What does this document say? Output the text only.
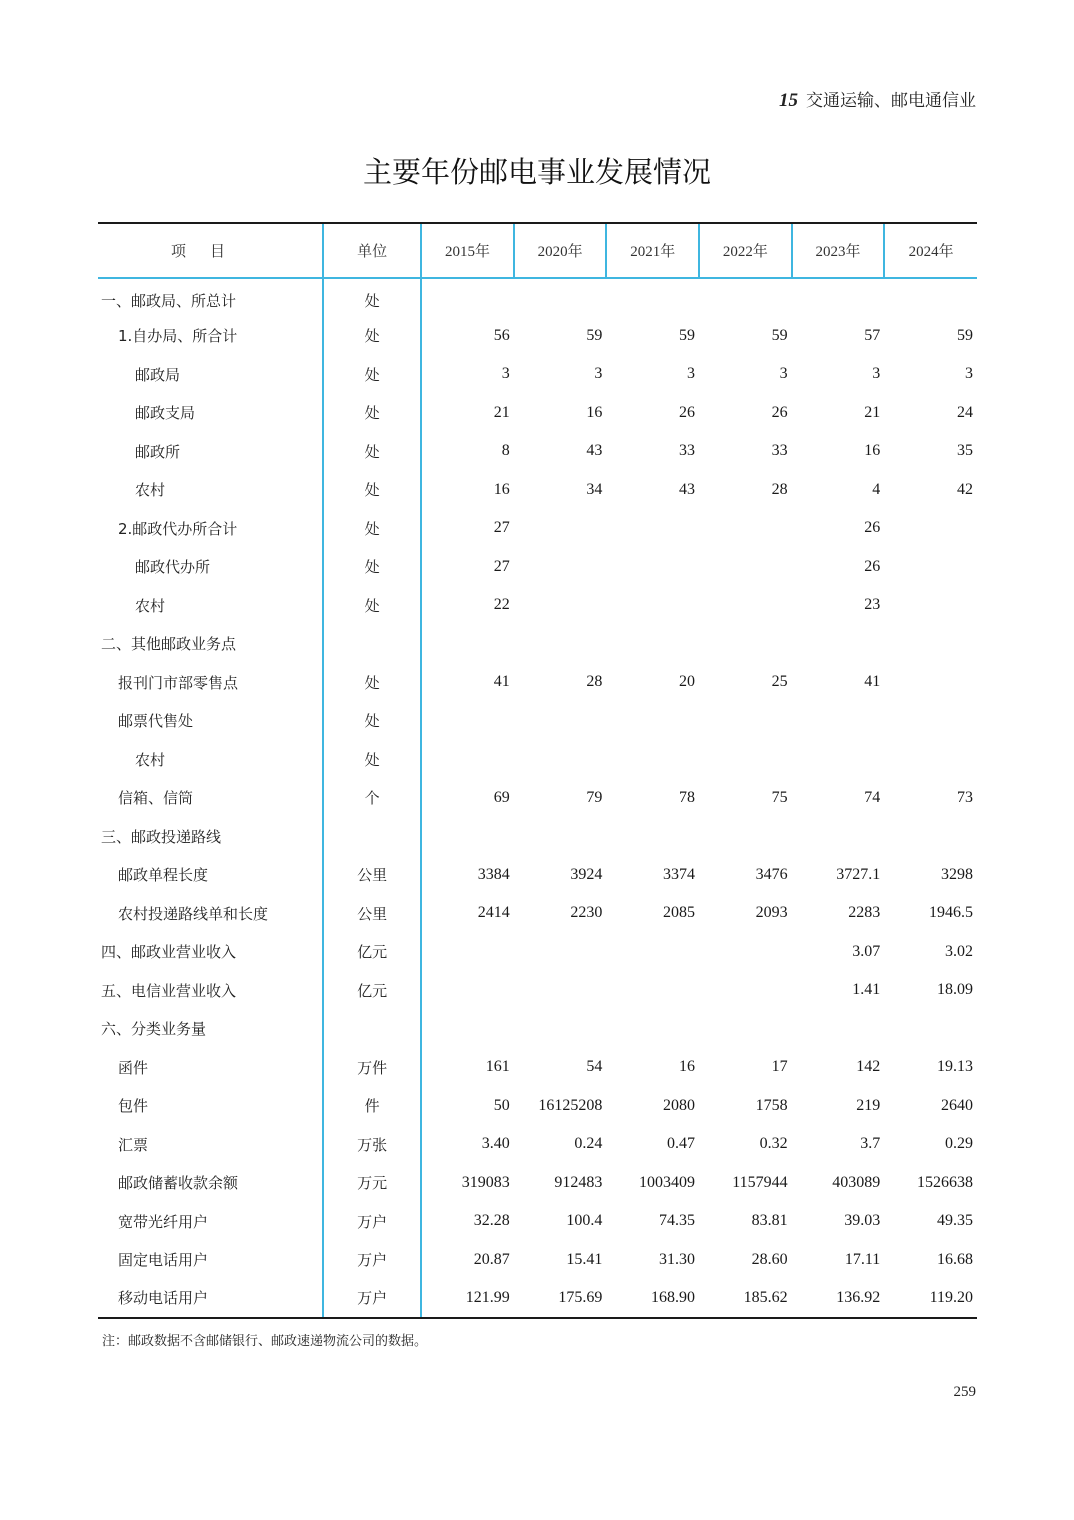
15 交通运输、邮电通信业
主要年份邮电事业发展情况
项目	单位	2015年	2020年	2021年	2022年	2023年	2024年
一、邮政局、所总计	处						
1.自办局、所合计	处	56	59	59	59	57	59
邮政局	处	3	3	3	3	3	3
邮政支局	处	21	16	26	26	21	24
邮政所	处	8	43	33	33	16	35
农村	处	16	34	43	28	4	42
2.邮政代办所合计	处	27				26	
邮政代办所	处	27				26	
农村	处	22				23	
二、其他邮政业务点							
报刊门市部零售点	处	41	28	20	25	41	
邮票代售处	处						
农村	处						
信箱、信筒	个	69	79	78	75	74	73
三、邮政投递路线							
邮政单程长度	公里	3384	3924	3374	3476	3727.1	3298
农村投递路线单和长度	公里	2414	2230	2085	2093	2283	1946.5
四、邮政业营业收入	亿元					3.07	3.02
五、电信业营业收入	亿元					1.41	18.09
六、分类业务量							
函件	万件	161	54	16	17	142	19.13
包件	件	50	16125208	2080	1758	219	2640
汇票	万张	3.40	0.24	0.47	0.32	3.7	0.29
邮政储蓄收款余额	万元	319083	912483	1003409	1157944	403089	1526638
宽带光纤用户	万户	32.28	100.4	74.35	83.81	39.03	49.35
固定电话用户	万户	20.87	15.41	31.30	28.60	17.11	16.68
移动电话用户	万户	121.99	175.69	168.90	185.62	136.92	119.20
注：邮政数据不含邮储银行、邮政速递物流公司的数据。
259
